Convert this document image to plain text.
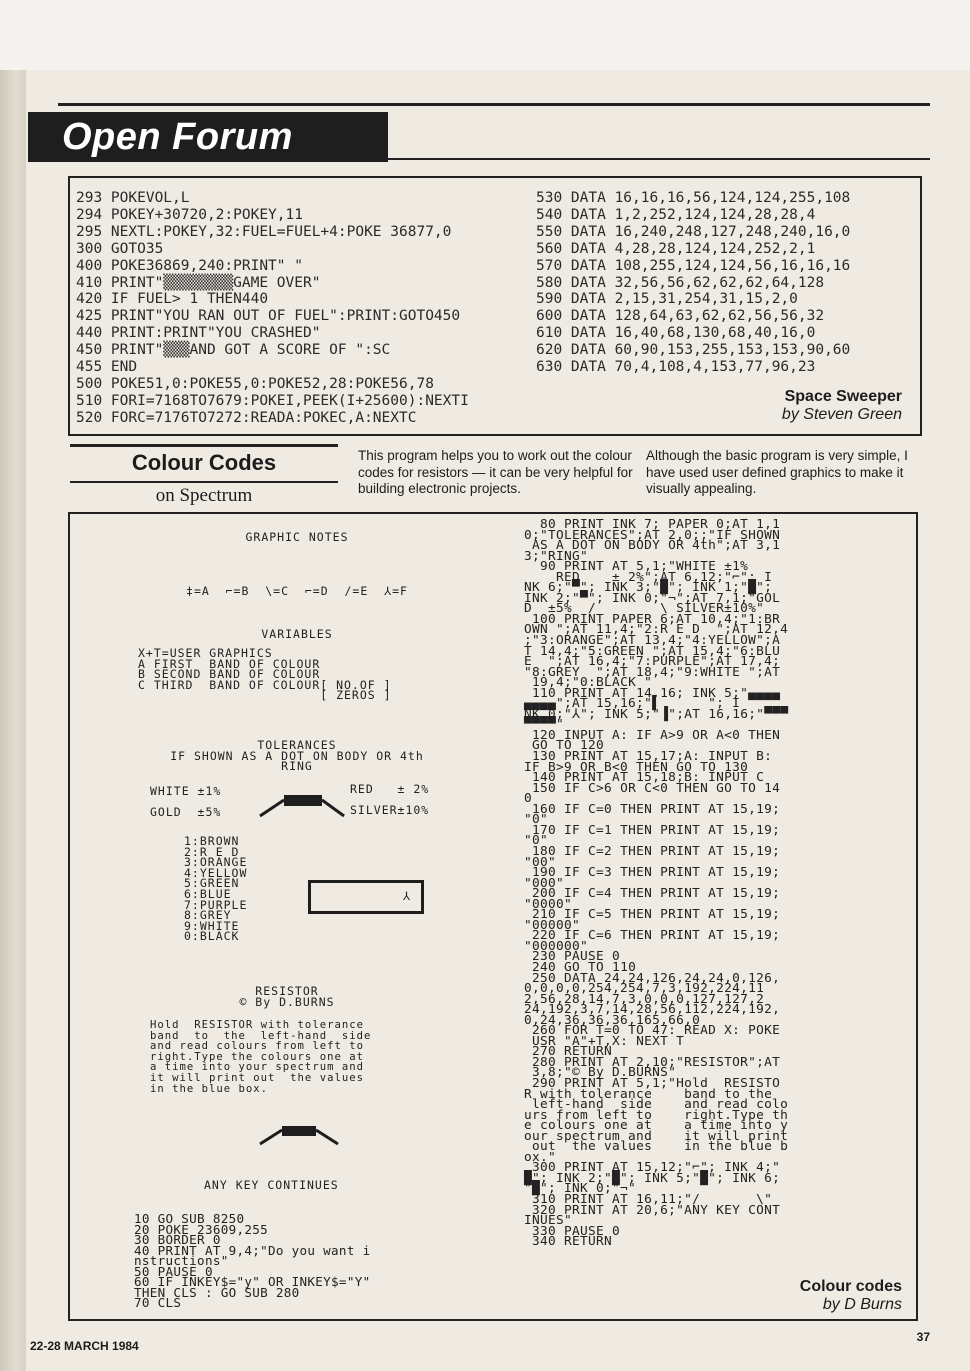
Open Forum
293 POKEVOL,L
294 POKEY+30720,2:POKEY,11
295 NEXTL:POKEY,32:FUEL=FUEL+4:POKE 36877,0
300 GOTO35
400 POKE36869,240:PRINT" "
410 PRINT"▒▒▒▒▒▒▒▒GAME OVER"
420 IF FUEL> 1 THEN440
425 PRINT"YOU RAN OUT OF FUEL":PRINT:GOTO450
440 PRINT:PRINT"YOU CRASHED"
450 PRINT"▒▒▒AND GOT A SCORE OF ":SC
455 END
500 POKE51,0:POKE55,0:POKE52,28:POKE56,78
510 FORI=7168TO7679:POKEI,PEEK(I+25600):NEXTI
520 FORC=7176TO7272:READA:POKEC,A:NEXTC
530 DATA 16,16,16,56,124,124,255,108
540 DATA 1,2,252,124,124,28,28,4
550 DATA 16,240,248,127,248,240,16,0
560 DATA 4,28,28,124,124,252,2,1
570 DATA 108,255,124,124,56,16,16,16
580 DATA 32,56,56,62,62,62,64,128
590 DATA 2,15,31,254,31,15,2,0
600 DATA 128,64,63,62,62,56,56,32
610 DATA 16,40,68,130,68,40,16,0
620 DATA 60,90,153,255,153,153,90,60
630 DATA 70,4,108,4,153,77,96,23
Space Sweeper
by Steven Green
Colour Codes
on Spectrum
This program helps you to work out the colour codes for resistors — it can be very helpful for building electronic projects.
Although the basic program is very simple, I have used user defined graphics to make it visually appealing.
GRAPHIC NOTES
‡=A  ⌐=B  \=C  ⌐=D  /=E  ⅄=F
VARIABLES
X+T=USER GRAPHICS
A FIRST  BAND OF COLOUR
B SECOND BAND OF COLOUR
C THIRD  BAND OF COLOUR[ NO.OF ]
[ ZEROS ]
TOLERANCES
IF SHOWN AS A DOT ON BODY OR 4th
RING
WHITE ±1%	RED   ± 2%
GOLD  ±5%	SILVER±10%
1:BROWN
2:R E D
3:ORANGE
4:YELLOW
5:GREEN
6:BLUE
7:PURPLE
8:GREY
9:WHITE
0:BLACK
⅄
RESISTOR
© By D.BURNS
Hold  RESISTOR with tolerance
band  to  the  left-hand  side
and read colours from left to
right.Type the colours one at
a time into your spectrum and
it will print out  the values
in the blue box.
ANY KEY CONTINUES
10 GO SUB 8250
20 POKE 23609,255
30 BORDER 0
40 PRINT AT 9,4;"Do you want i
nstructions"
50 PAUSE 0
60 IF INKEY$="y" OR INKEY$="Y"
THEN CLS : GO SUB 280
70 CLS
80 PRINT INK 7; PAPER 0;AT 1,1
0;"TOLERANCES";AT 2,0;;"IF SHOWN
AS A DOT ON BODY OR 4th";AT 3,1
3;"RING"
90 PRINT AT 5,1;"WHITE ±1%
RED    ± 2%";AT 6,12;"⌐"; I
NK 6;"▀"; INK 3;"█"; INK 1;"█";
INK 2;"▀"; INK 0;"¬";AT 7,1;"GOL
D  ±5%  /        \ SILVER±10%"
100 PRINT PAPER 6;AT 10,4;"1:BR
OWN ";AT 11,4;"2:R E D  ";AT 12,4
;"3:ORANGE";AT 13,4;"4:YELLOW";A
T 14,4;"5:GREEN ";AT 15,4;"6:BLU
E  ";AT 16,4;"7:PURPLE";AT 17,4;
"8:GREY  ";AT 18,4;"9:WHITE ";AT
19,4;"0:BLACK "
110 PRINT AT 14,16; INK 5;"▄▄▄▄
▄▄▄▄";AT 15,16;"▌      "; I
NK 0;"⅄"; INK 5;"▐";AT 16,16;"▀▀▀
▀▀▀▀"
120 INPUT A: IF A>9 OR A<0 THEN
GO TO 120
130 PRINT AT 15,17;A: INPUT B:
IF B>9 OR B<0 THEN GO TO 130
140 PRINT AT 15,18;B: INPUT C
150 IF C>6 OR C<0 THEN GO TO 14
0
160 IF C=0 THEN PRINT AT 15,19;
"0"
170 IF C=1 THEN PRINT AT 15,19;
"0"
180 IF C=2 THEN PRINT AT 15,19;
"00"
190 IF C=3 THEN PRINT AT 15,19;
"000"
200 IF C=4 THEN PRINT AT 15,19;
"0000"
210 IF C=5 THEN PRINT AT 15,19;
"00000"
220 IF C=6 THEN PRINT AT 15,19;
"000000"
230 PAUSE 0
240 GO TO 110
250 DATA 24,24,126,24,24,0,126,
0,0,0,0,254,254,7,3,192,224,11
2,56,28,14,7,3,0,0,0,127,127,2
24,192,3,7,14,28,56,112,224,192,
0,24,36,36,36,165,66,0
260 FOR T=0 TO 47: READ X: POKE
USR "A"+T,X: NEXT T
270 RETURN
280 PRINT AT 2,10;"RESISTOR";AT
3,8;"© By D.BURNS"
290 PRINT AT 5,1;"Hold  RESISTO
R with tolerance    band to the
left-hand  side    and read colo
urs from left to    right.Type th
e colours one at    a time into y
our spectrum and    it will print
out  the values    in the blue b
ox."
300 PRINT AT 15,12;"⌐"; INK 4;"
█"; INK 2;"█"; INK 5;"█"; INK 6;
"█"; INK 0;"¬"
310 PRINT AT 16,11;"/       \"
320 PRINT AT 20,6;"ANY KEY CONT
INUES"
330 PAUSE 0
340 RETURN
Colour codes
by D Burns
22-28 MARCH 1984
37
